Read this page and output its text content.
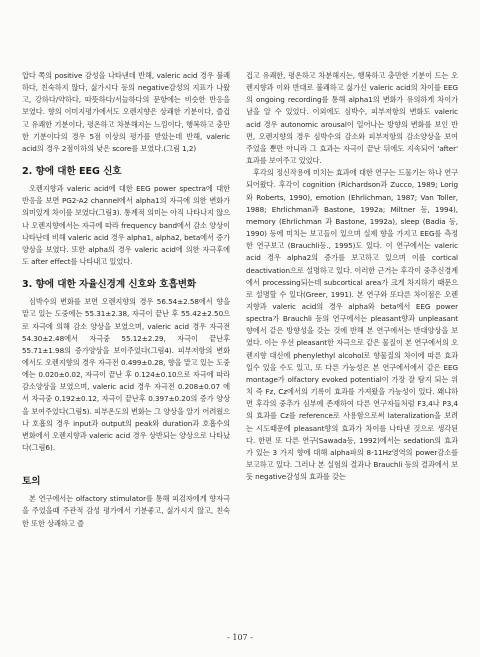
압다 쪽의 positive 감성을 나타낸데 반해, valeric acid 경우 불쾌하다, 친숙하지 않다, 싫가시다 등의 negative감성의 지표가 나왔고, 강하다/약하다, 따뜻하다/서늘하다의 문항에는 비슷한 반응을 보였다. 향의 이미지평가에서도 오렌지향은 상쾌한 기분이다, 즐겁고 유쾌한 기분이다, 평온하고 차분해지는 느낌이다, 행복하고 충만한 기분이다의 경우 5점 이상의 평가를 받았는데 반해, valeric acid의 경우 2점이하의 낮은 score를 보였다.(그림 1,2)

2. 향에 대한 EEG 신호

오렌지향과 valeric acid에 대한 EEG power spectra에 대한 반응을 보면 PG2-A2 channel에서 alpha1의 자극에 의한 변화가 의미있게 차이를 보였다(그림3). 통계적 의미는 아직 나타나지 않으나 오렌지향에서는 자극에 따라 frequency band에서 감소 양상이 나타난데 비해 valeric acid 경우 alpha1, alpha2, beta에서 증가 양상을 보였다. 또한 alpha의 경우 valeric acid에 의한 자극후에도 after effect를 나타내고 있었다.

3. 향에 대한 자율신경계 신호와 호흡변화

심박수의 변화를 보면 오렌지향의 경우 56.54±2.58에서 향을 맡고 있는 도중에는 55.31±2.38, 자극이 끝난 후 55.42±2.50으로 자극에 의해 감소 양상을 보였으며, valeric acid 경우 자극전 54.30±2.48에서 자극중 55.12±2.29, 자극이 끝난후 55.71±1.98의 증가양상을 보이주었다(그림4). 피부저항의 변화에서도 오렌지향의 경우 자극전 0.499±0.28, 향을 맡고 있는 도중에는 0.020±0.02, 자극이 끝난 후 0.124±0.10으로 자극에 따라 감소양상을 보였으며, valeric acid 경우 자극전 0.208±0.07 에서 자극중 0.192±0.12, 자극이 끝난후 0.397±0.20의 증가 양상을 보여주었다(그림5). 피부온도의 변화는 그 양상을 알기 어려웠으나 호흡의 경우 input과 output의 peak와 duration과 호흡수의 변화에서 오렌지향과 valeric acid 경우 상반되는 양상으로 나타났다(그림6).

토의

본 연구에서는 olfactory stimulator를 통해 피검자에게 향자극을 주었을때 주관적 감성 평가에서 기분좋고, 싫가시지 않고, 친숙한 또한 상쾌하고 즐

겁고 유쾌한, 평온하고 차분해지는, 행복하고 충만한 기분이 드는 오렌지향과 이와 반대로 불쾌하고 싫가신 valeric acid의 차이를 EEG의 ongoing recording를 통해 alpha1의 변화가 유의하게 차이가 남을 알 수 있었다. 이외에도 심박수, 피부저항의 변화도 valeric acid 경우 autonomic arousal이 일어나는 방향의 변화를 보인 반면, 오렌지향의 경우 심박수의 감소와 피부저항의 감소양상을 보여 주었을 뿐만 아니라 그 효과는 자극이 끝난 뒤에도 지속되어 'after' 효과를 보여주고 있었다.

후각의 정신작용에 미치는 효과에 대한 연구는 드물기는 하나 연구되어왔다. 후각이 cognition (Richardson과 Zucco, 1989; Lorig와 Roberts, 1990), emotion (Ehrlichman, 1987; Van Toller, 1988; Ehrlichman과 Bastone, 1992a; Miltner 등, 1994), memory (Ehrlichman 과 Bastone, 1992a), sleep (Badia 등, 1990) 등에 미치는 보고들이 있으며 실제 향을 가지고 EEG를 측정한 연구보고 (Brauchli등., 1995)도 있다. 이 연구에서는 valeric acid 경우 alpha2의 증가를 보고하고 있으며 이를 cortical deactivation으로 설명하고 있다. 이러한 근거는 후각이 중추신경계에서 processing되는데 subcortical area가 크게 차지하기 때문으로 설명할 수 있다(Greer, 1991). 본 연구와 또다른 차이점은 오렌지향과 valeric acid의 경우 alpha와 beta에서 EEG power spectra가 Brauchli 등의 연구에서는 pleasant향과 unpleasant향에서 같은 방향성을 갖는 것에 반해 본 연구에서는 반대양상을 보였다. 이는 우선 pleasant한 자극으로 같은 물질이 본 연구에서의 오렌지향 대신에 phenylethyl alcohol로 향물질의 차이에 따른 효과일수 있을 수도 있고, 또 다른 가능성은 본 연구에서에서 같은 EEG montage가 olfactory evoked potential이 가장 잘 탐지 되는 위치 즉 Fz, Cz에서의 기록이 효과를 가져왔을 가능성이 있다. 왜냐하면 후각의 중추가 심부에 존재하여 다른 연구자들처럼 F3,4나 P3,4의 효과를 Cz를 reference로 사용함으로써 lateralization을 보려는 시도때문에 pleasant향의 효과가 차이를 나타낸 것으로 생각된다. 한편 또 다른 연구(Sawada등, 1992)에서는 sedation의 효과가 있는 3 가지 향에 대해 alpha파의 8-11Hz영역의 power감소를 보고하고 있다. 그러나 본 실험의 결과나 Brauchli 등의 결과에서 보듯 negative감성의 효과를 갖는

- 107 -
